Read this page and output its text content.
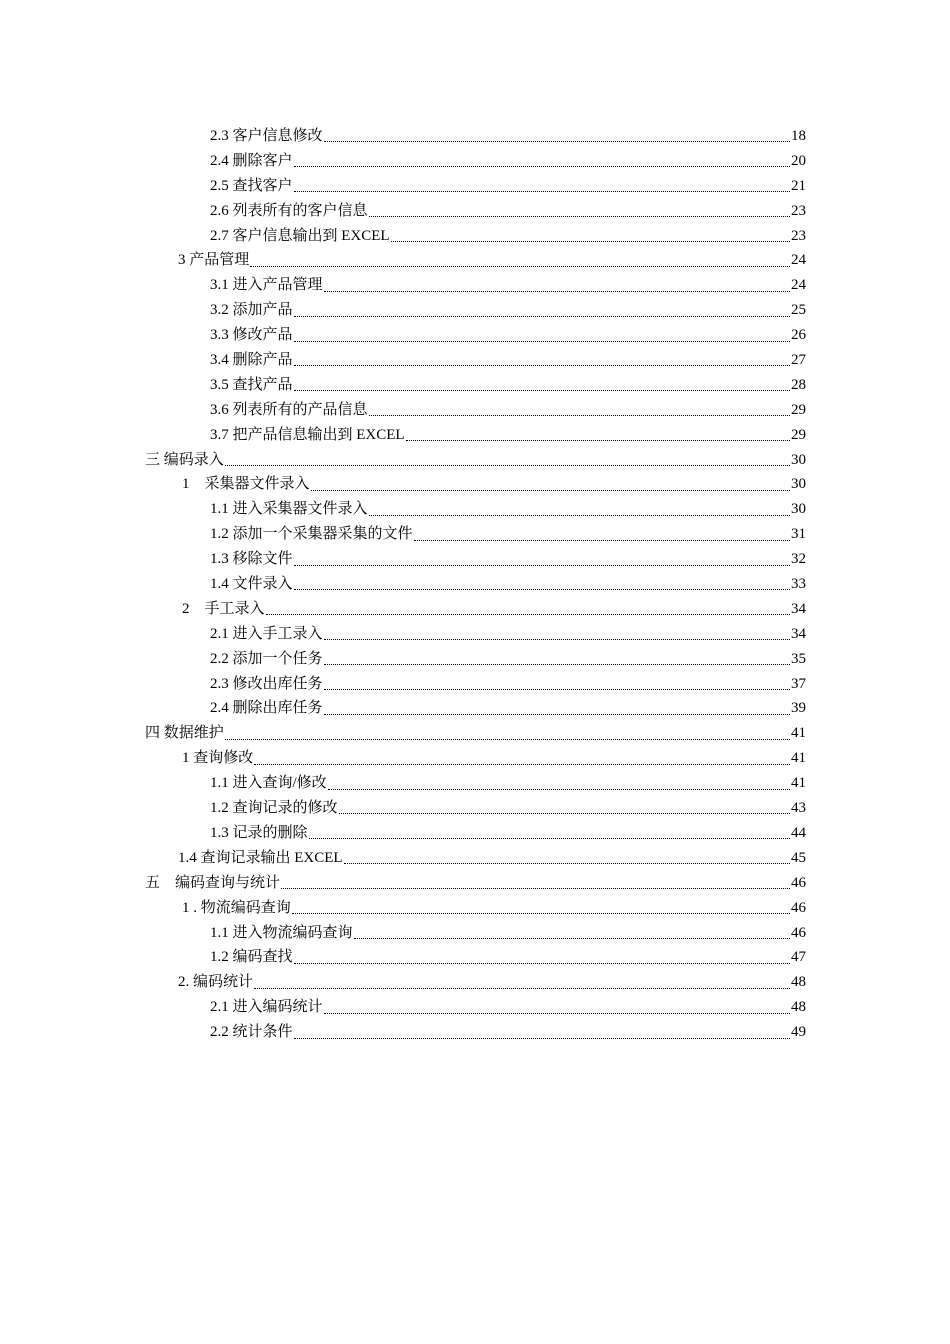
2.3 客户信息修改	18
2.4 删除客户	20
2.5 查找客户	21
2.6 列表所有的客户信息	23
2.7 客户信息输出到 EXCEL	23
3 产品管理	24
3.1 进入产品管理	24
3.2 添加产品	25
3.3 修改产品	26
3.4 删除产品	27
3.5 查找产品	28
3.6 列表所有的产品信息	29
3.7 把产品信息输出到 EXCEL	29
三 编码录入	30
1    采集器文件录入	30
1.1 进入采集器文件录入	30
1.2 添加一个采集器采集的文件	31
1.3 移除文件	32
1.4 文件录入	33
2    手工录入	34
2.1 进入手工录入	34
2.2 添加一个任务	35
2.3 修改出库任务	37
2.4 删除出库任务	39
四 数据维护	41
1 查询修改	41
1.1 进入查询/修改	41
1.2 查询记录的修改	43
1.3 记录的删除	44
1.4 查询记录输出 EXCEL	45
五    编码查询与统计	46
1 . 物流编码查询	46
1.1 进入物流编码查询	46
1.2 编码查找	47
2. 编码统计	48
2.1 进入编码统计	48
2.2 统计条件	49
